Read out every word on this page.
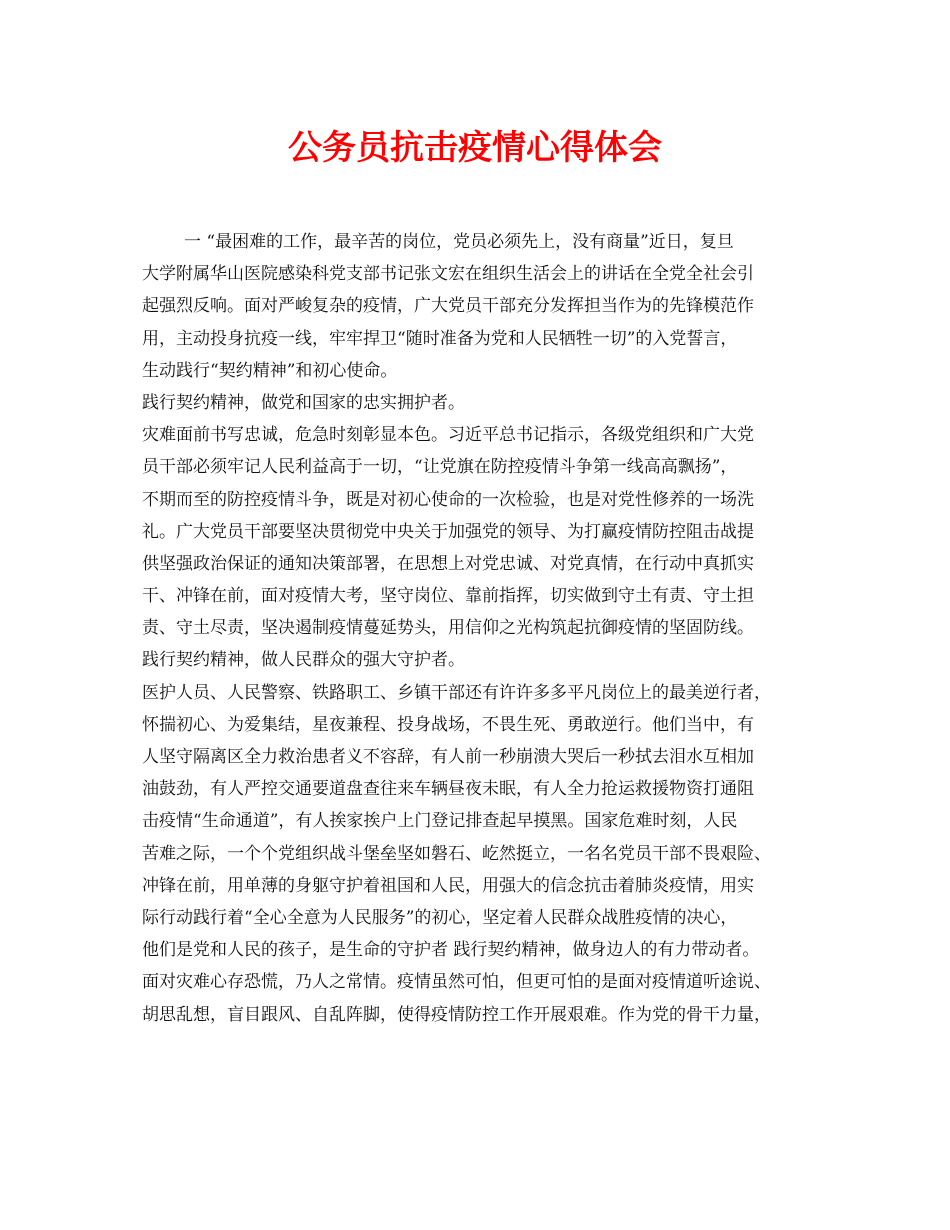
公务员抗击疫情心得体会
一 “最困难的工作，最辛苦的岗位，党员必须先上，没有商量”近日，复旦
大学附属华山医院感染科党支部书记张文宏在组织生活会上的讲话在全党全社会引
起强烈反响。面对严峻复杂的疫情，广大党员干部充分发挥担当作为的先锋模范作
用，主动投身抗疫一线，牢牢捍卫“随时准备为党和人民牺牲一切”的入党誓言，
生动践行“契约精神”和初心使命。
践行契约精神，做党和国家的忠实拥护者。
灾难面前书写忠诚，危急时刻彰显本色。习近平总书记指示，各级党组织和广大党
员干部必须牢记人民利益高于一切，“让党旗在防控疫情斗争第一线高高飘扬”，
不期而至的防控疫情斗争，既是对初心使命的一次检验，也是对党性修养的一场洗
礼。广大党员干部要坚决贯彻党中央关于加强党的领导、为打赢疫情防控阻击战提
供坚强政治保证的通知决策部署，在思想上对党忠诚、对党真情，在行动中真抓实
干、冲锋在前，面对疫情大考，坚守岗位、靠前指挥，切实做到守土有责、守土担
责、守土尽责，坚决遏制疫情蔓延势头，用信仰之光构筑起抗御疫情的坚固防线。
践行契约精神，做人民群众的强大守护者。
医护人员、人民警察、铁路职工、乡镇干部还有许许多多平凡岗位上的最美逆行者，
怀揣初心、为爱集结，星夜兼程、投身战场，不畏生死、勇敢逆行。他们当中，有
人坚守隔离区全力救治患者义不容辞，有人前一秒崩溃大哭后一秒拭去泪水互相加
油鼓劲，有人严控交通要道盘查往来车辆昼夜未眠，有人全力抢运救援物资打通阻
击疫情“生命通道”，有人挨家挨户上门登记排查起早摸黑。国家危难时刻，人民
苦难之际，一个个党组织战斗堡垒坚如磐石、屹然挺立，一名名党员干部不畏艰险、
冲锋在前，用单薄的身躯守护着祖国和人民，用强大的信念抗击着肺炎疫情，用实
际行动践行着“全心全意为人民服务”的初心，坚定着人民群众战胜疫情的决心，
他们是党和人民的孩子，是生命的守护者 践行契约精神，做身边人的有力带动者。
面对灾难心存恐慌，乃人之常情。疫情虽然可怕，但更可怕的是面对疫情道听途说、
胡思乱想，盲目跟风、自乱阵脚，使得疫情防控工作开展艰难。作为党的骨干力量，
